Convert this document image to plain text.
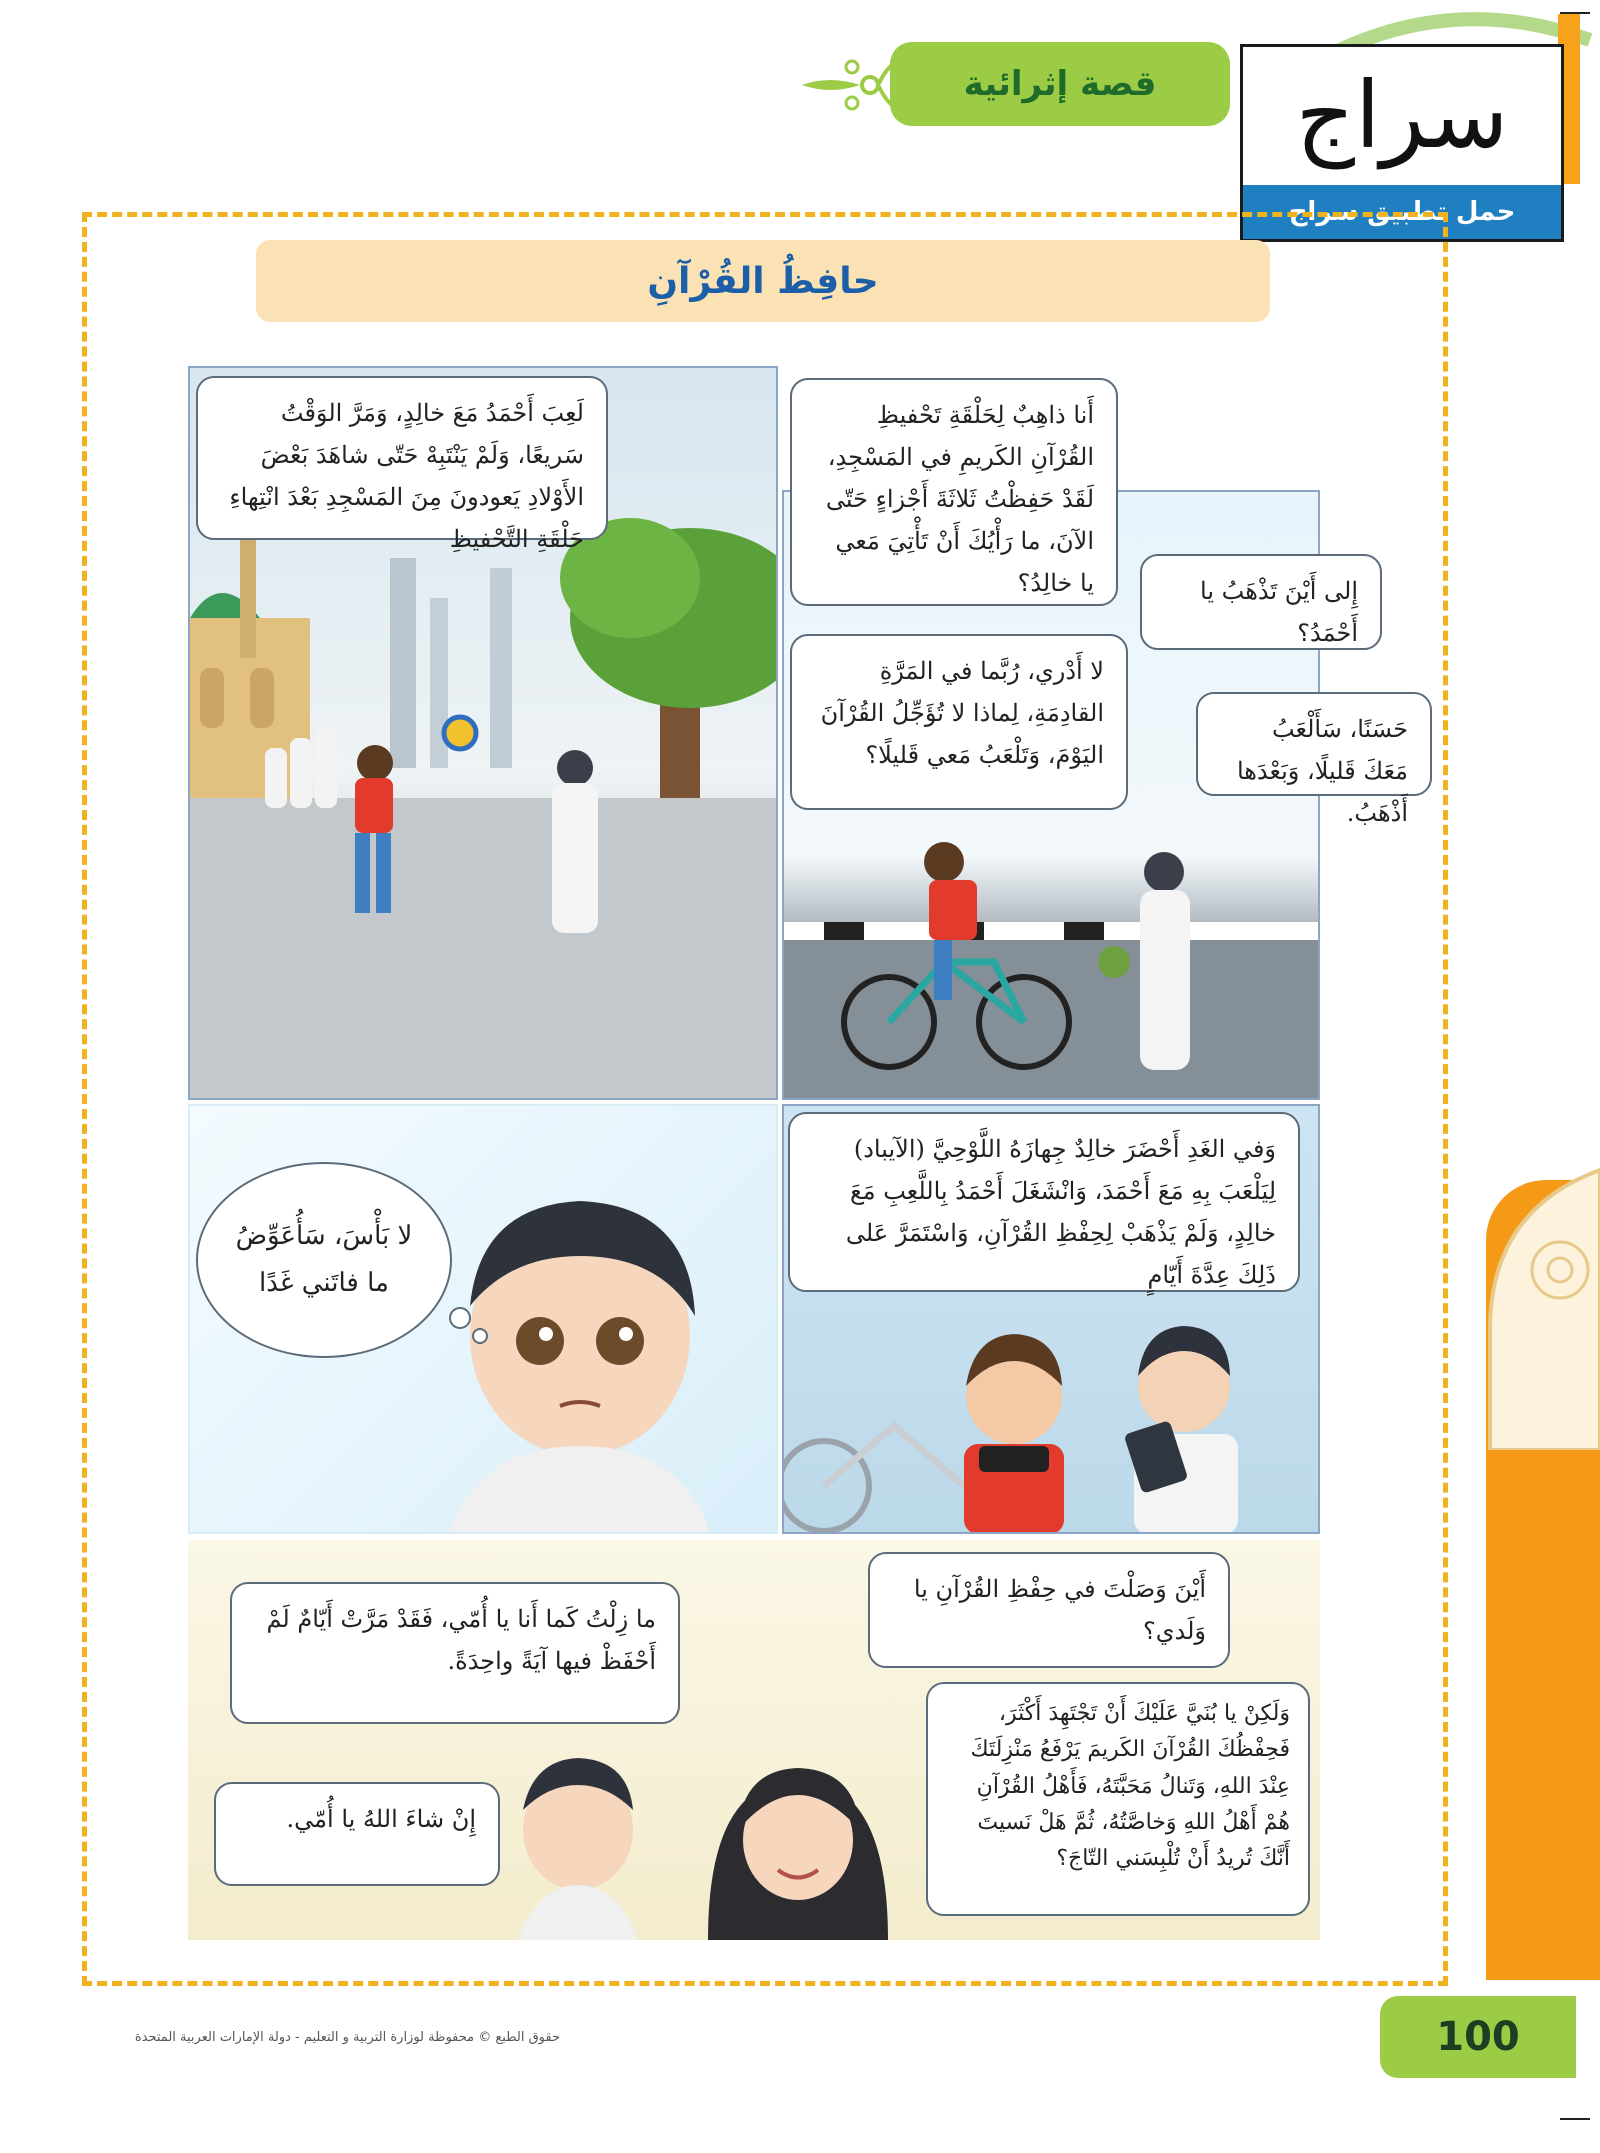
قصة إثرائية	سراج
حمل تطبيق سراج
حافِظُ القُرْآنِ
لَعِبَ أَحْمَدُ مَعَ خالِدٍ، وَمَرَّ الوَقْتُ سَريعًا، وَلَمْ يَنْتَبِهْ حَتّى شاهَدَ بَعْضَ الأَوْلادِ يَعودونَ مِنَ المَسْجِدِ بَعْدَ انْتِهاءِ حَلْقَةِ التَّحْفيظِ
أَنا ذاهِبٌ لِحَلْقَةِ تَحْفيظِ القُرْآنِ الكَريمِ في المَسْجِدِ، لَقَدْ حَفِظْتُ ثَلاثَةَ أَجْزاءٍ حَتّى الآنَ، ما رَأْيُكَ أَنْ تَأْتِيَ مَعي يا خالِدُ؟	إِلى أَيْنَ تَذْهَبُ يا أَحْمَدُ؟
لا أَدْري، رُبَّما في المَرَّةِ القادِمَةِ، لِماذا لا تُؤَجِّلُ القُرْآنَ اليَوْمَ، وَتَلْعَبُ مَعي قَليلًا؟
حَسَنًا، سَأَلْعَبُ مَعَكَ قَليلًا، وَبَعْدَها أَذْهَبُ.
لا بَأْسَ، سَأُعَوِّضُ ما فاتَني غَدًا
وَفي الغَدِ أَحْضَرَ خالِدٌ جِهازَهُ اللَّوْحِيَّ (الآيباد) لِيَلْعَبَ بِهِ مَعَ أَحْمَدَ، وَانْشَغَلَ أَحْمَدُ بِاللَّعِبِ مَعَ خالِدٍ، وَلَمْ يَذْهَبْ لِحِفْظِ القُرْآنِ، وَاسْتَمَرَّ عَلى ذَلِكَ عِدَّةَ أَيّامٍ
أَيْنَ وَصَلْتَ في حِفْظِ القُرْآنِ يا وَلَدي؟
ما زِلْتُ كَما أَنا يا أُمّي، فَقَدْ مَرَّتْ أَيّامٌ لَمْ أَحْفَظْ فيها آيَةً واحِدَةً.
وَلَكِنْ يا بُنَيَّ عَلَيْكَ أَنْ تَجْتَهِدَ أَكْثَرَ، فَحِفْظُكَ القُرْآنَ الكَريمَ يَرْفَعُ مَنْزِلَتَكَ عِنْدَ اللهِ، وَتَنالُ مَحَبَّتَهُ، فَأَهْلُ القُرْآنِ هُمْ أَهْلُ اللهِ وَخاصَّتُهُ، ثُمَّ هَلْ نَسيتَ أَنَّكَ تُريدُ أَنْ تُلْبِسَني التّاجَ؟
إِنْ شاءَ اللهُ يا أُمّي.
100
حقوق الطبع © محفوظة لوزارة التربية و التعليم - دولة الإمارات العربية المتحدة
